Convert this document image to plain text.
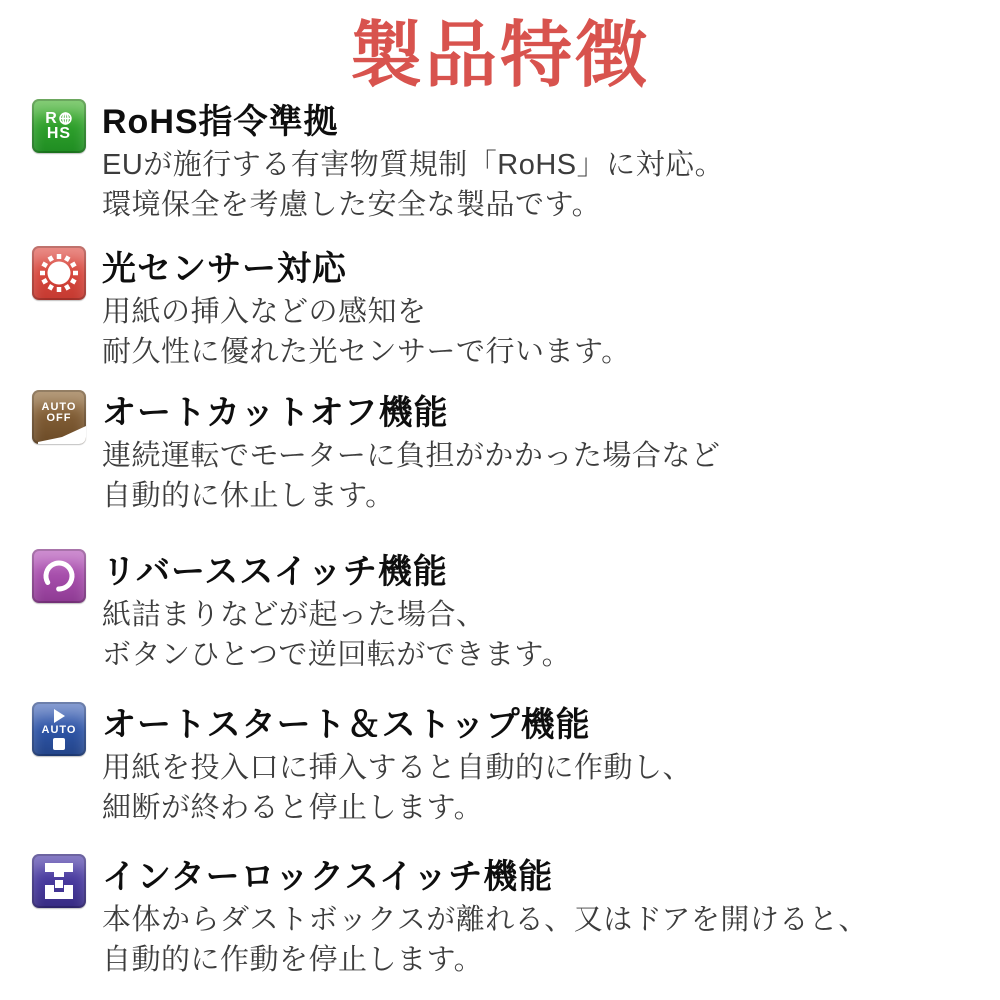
製品特徴
R
HS RoHS指令準拠
EUが施行する有害物質規制「RoHS」に対応。
環境保全を考慮した安全な製品です。
光センサー対応
用紙の挿入などの感知を
耐久性に優れた光センサーで行います。
AUTO
OFF オートカットオフ機能
連続運転でモーターに負担がかかった場合など
自動的に休止します。
リバーススイッチ機能
紙詰まりなどが起った場合、
ボタンひとつで逆回転ができます。
AUTO オートスタート＆ストップ機能
用紙を投入口に挿入すると自動的に作動し、
細断が終わると停止します。
インターロックスイッチ機能
本体からダストボックスが離れる、又はドアを開けると、
自動的に作動を停止します。
